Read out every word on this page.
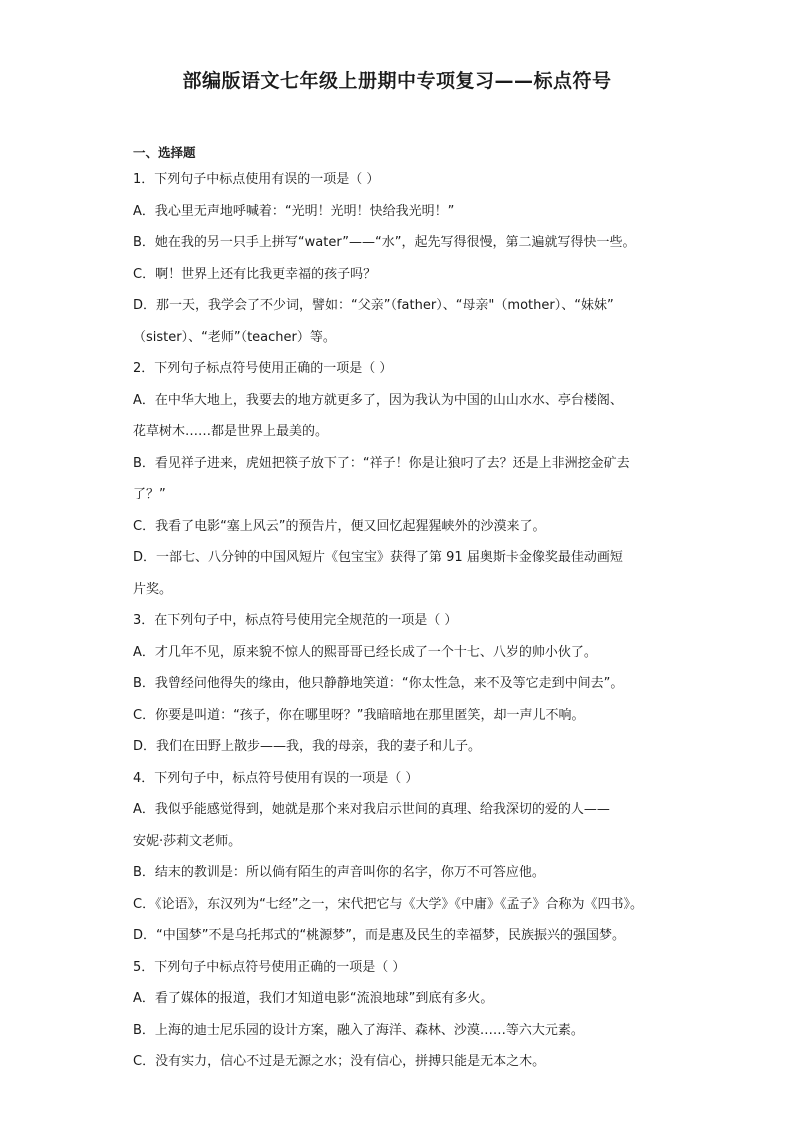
部编版语文七年级上册期中专项复习——标点符号
一、选择题
1．下列句子中标点使用有误的一项是（ ）
A．我心里无声地呼喊着：“光明！光明！快给我光明！”
B．她在我的另一只手上拼写“water”——“水”，起先写得很慢，第二遍就写得快一些。
C．啊！世界上还有比我更幸福的孩子吗？
D．那一天，我学会了不少词，譬如：“父亲”（father）、“母亲"（mother）、“妹妹”
（sister）、“老师”（teacher）等。
2．下列句子标点符号使用正确的一项是（ ）
A．在中华大地上，我要去的地方就更多了，因为我认为中国的山山水水、亭台楼阁、
花草树木……都是世界上最美的。
B．看见祥子进来，虎妞把筷子放下了：“祥子！你是让狼叼了去？还是上非洲挖金矿去
了？”
C．我看了电影“塞上风云”的预告片，便又回忆起猩猩峡外的沙漠来了。
D．一部七、八分钟的中国风短片《包宝宝》获得了第 91 届奥斯卡金像奖最佳动画短
片奖。
3．在下列句子中，标点符号使用完全规范的一项是（ ）
A．才几年不见，原来貌不惊人的熙哥哥已经长成了一个十七、八岁的帅小伙了。
B．我曾经问他得失的缘由，他只静静地笑道：“你太性急，来不及等它走到中间去”。
C．你要是叫道：“孩子，你在哪里呀？”我暗暗地在那里匿笑，却一声儿不响。
D．我们在田野上散步——我，我的母亲，我的妻子和儿子。
4．下列句子中，标点符号使用有误的一项是（ ）
A．我似乎能感觉得到，她就是那个来对我启示世间的真理、给我深切的爱的人——
安妮·莎莉文老师。
B．结末的教训是：所以倘有陌生的声音叫你的名字，你万不可答应他。
C．《论语》，东汉列为“七经”之一，宋代把它与《大学》《中庸》《孟子》合称为《四书》。
D．“中国梦”不是乌托邦式的“桃源梦”，而是惠及民生的幸福梦，民族振兴的强国梦。
5．下列句子中标点符号使用正确的一项是（ ）
A．看了媒体的报道，我们才知道电影“流浪地球”到底有多火。
B．上海的迪士尼乐园的设计方案，融入了海洋、森林、沙漠……等六大元素。
C．没有实力，信心不过是无源之水；没有信心，拼搏只能是无本之木。
